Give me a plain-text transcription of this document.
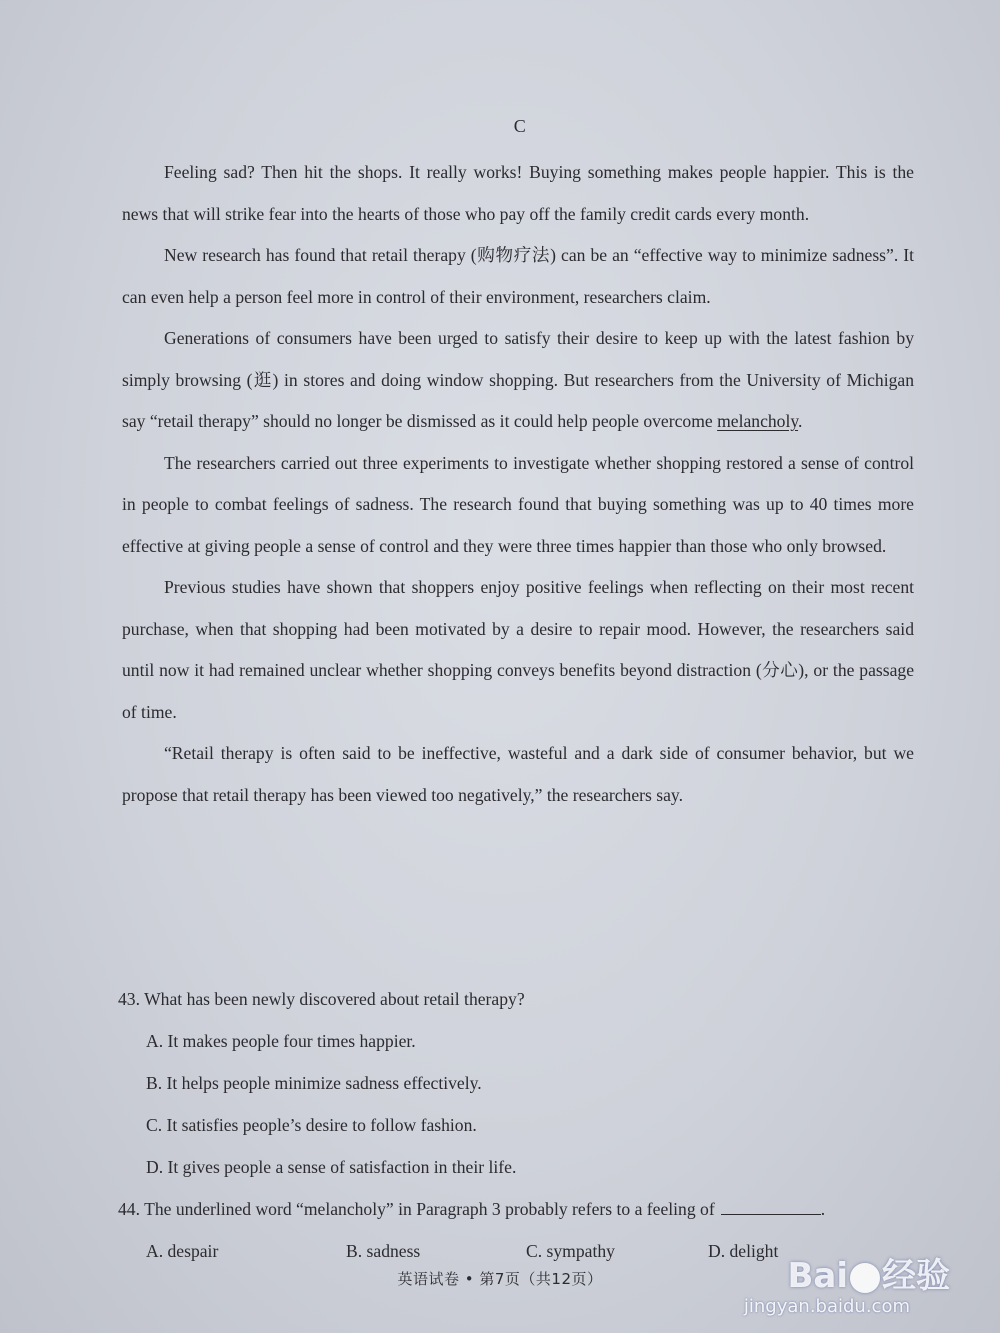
C

Feeling sad? Then hit the shops. It really works! Buying something makes people happier. This is the news that will strike fear into the hearts of those who pay off the family credit cards every month.

New research has found that retail therapy (购物疗法) can be an “effective way to minimize sadness”. It can even help a person feel more in control of their environment, researchers claim.

Generations of consumers have been urged to satisfy their desire to keep up with the latest fashion by simply browsing (逛) in stores and doing window shopping. But researchers from the University of Michigan say “retail therapy” should no longer be dismissed as it could help people overcome melancholy.

The researchers carried out three experiments to investigate whether shopping restored a sense of control in people to combat feelings of sadness. The research found that buying something was up to 40 times more effective at giving people a sense of control and they were three times happier than those who only browsed.

Previous studies have shown that shoppers enjoy positive feelings when reflecting on their most recent purchase, when that shopping had been motivated by a desire to repair mood. However, the researchers said until now it had remained unclear whether shopping conveys benefits beyond distraction (分心), or the passage of time.

“Retail therapy is often said to be ineffective, wasteful and a dark side of consumer behavior, but we propose that retail therapy has been viewed too negatively,” the researchers say.

43. What has been newly discovered about retail therapy?
A. It makes people four times happier.
B. It helps people minimize sadness effectively.
C. It satisfies people’s desire to follow fashion.
D. It gives people a sense of satisfaction in their life.
44. The underlined word “melancholy” in Paragraph 3 probably refers to a feeling of	.
A. despair	B. sadness	C. sympathy	D. delight
英语试卷 • 第7页（共12页）	Bai 经验
jingyan.baidu.com
